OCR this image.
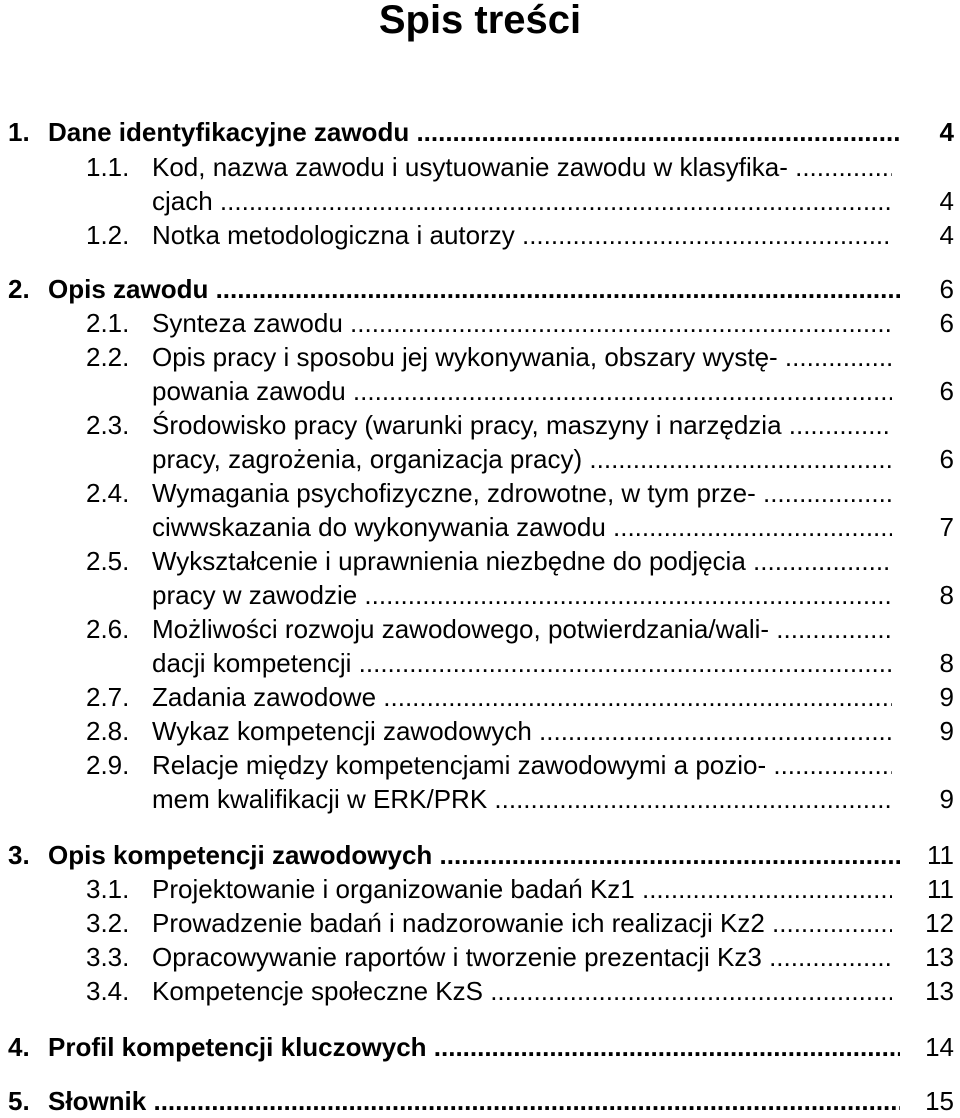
Spis treści
1. Dane identyfikacyjne zawodu .....	4
1.1. Kod, nazwa zawodu i usytuowanie zawodu w klasyfika- .....
cjach .....	4
1.2. Notka metodologiczna i autorzy .....	4
2. Opis zawodu .....	6
2.1. Synteza zawodu .....	6
2.2. Opis pracy i sposobu jej wykonywania, obszary wystę- .....
powania zawodu .....	6
2.3. Środowisko pracy (warunki pracy, maszyny i narzędzia .....
pracy, zagrożenia, organizacja pracy) .....	6
2.4. Wymagania psychofizyczne, zdrowotne, w tym prze- .....
ciwwskazania do wykonywania zawodu .....	7
2.5. Wykształcenie i uprawnienia niezbędne do podjęcia .....
pracy w zawodzie .....	8
2.6. Możliwości rozwoju zawodowego, potwierdzania/wali- .....
dacji kompetencji .....	8
2.7. Zadania zawodowe .....	9
2.8. Wykaz kompetencji zawodowych .....	9
2.9. Relacje między kompetencjami zawodowymi a pozio- .....
mem kwalifikacji w ERK/PRK .....	9
3. Opis kompetencji zawodowych .....	11
3.1. Projektowanie i organizowanie badań Kz1 .....	11
3.2. Prowadzenie badań i nadzorowanie ich realizacji Kz2 .....	12
3.3. Opracowywanie raportów i tworzenie prezentacji Kz3 .....	13
3.4. Kompetencje społeczne KzS .....	13
4. Profil kompetencji kluczowych .....	14
5. Słownik .....	15
